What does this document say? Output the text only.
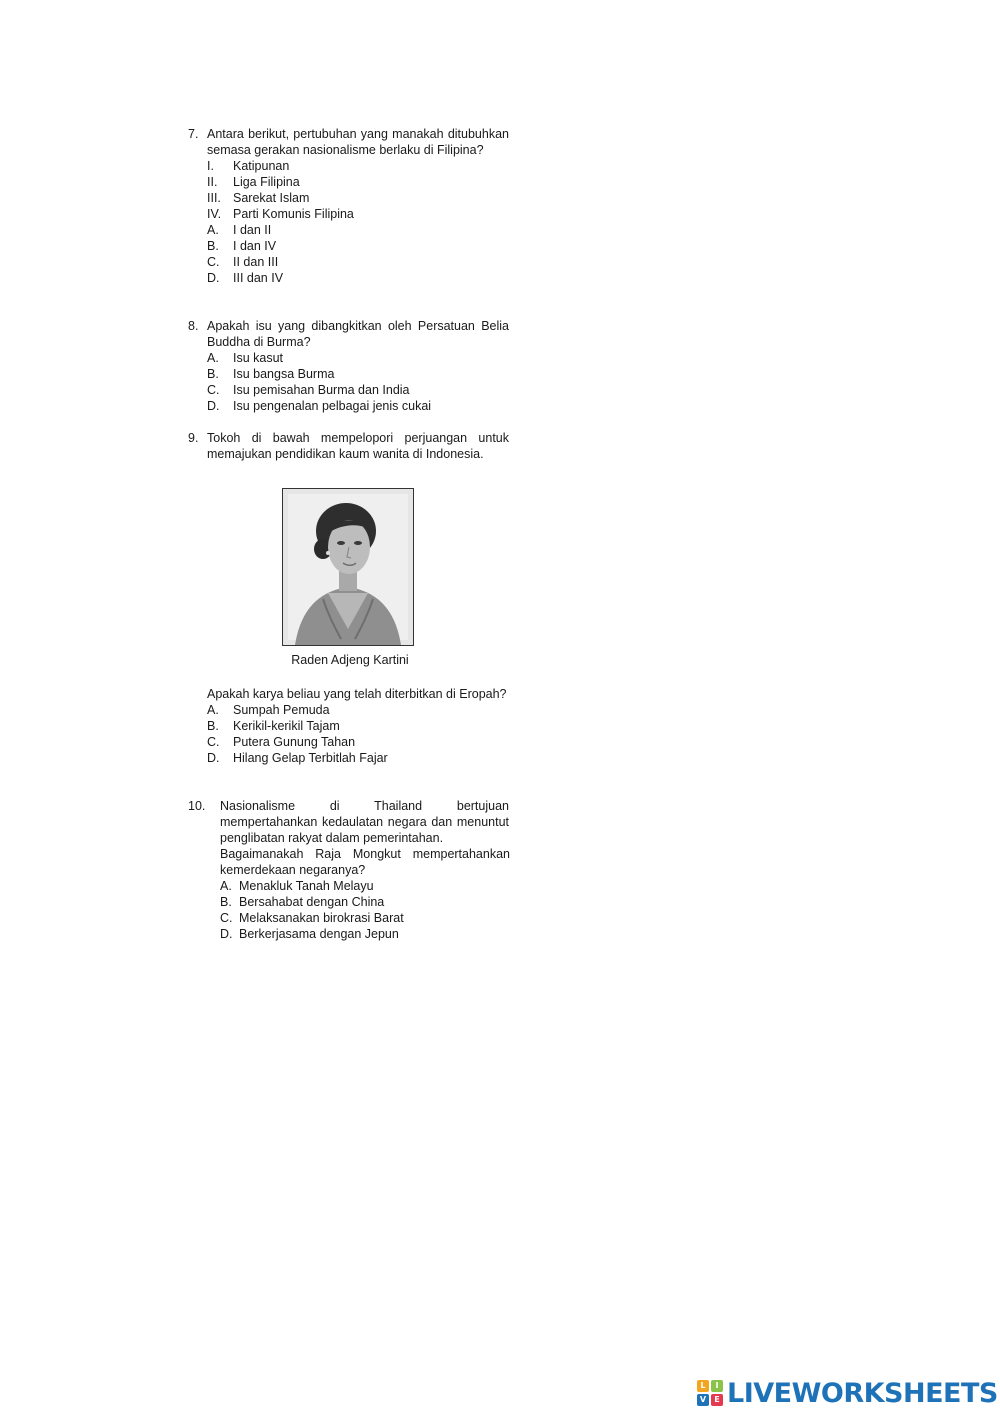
7. Antara berikut, pertubuhan yang manakah ditubuhkan semasa gerakan nasionalisme berlaku di Filipina?
I.	Katipunan
II.	Liga Filipina
III. Sarekat Islam
IV. Parti Komunis Filipina
A.	I dan II
B.	I dan IV
C.	II dan III
D.	III dan IV
8. Apakah isu yang dibangkitkan oleh Persatuan Belia Buddha di Burma?
A.	Isu kasut
B.	Isu bangsa Burma
C.	Isu pemisahan Burma dan India
D.	Isu pengenalan pelbagai jenis cukai
9. Tokoh di bawah mempelopori perjuangan untuk memajukan pendidikan kaum wanita di Indonesia.
Raden Adjeng Kartini
Apakah karya beliau yang telah diterbitkan di Eropah?
A.	Sumpah Pemuda
B.	Kerikil-kerikil Tajam
C.	Putera Gunung Tahan
D.	Hilang Gelap Terbitlah Fajar
10. Nasionalisme di Thailand bertujuan mempertahankan kedaulatan negara dan menuntut penglibatan rakyat dalam pemerintahan.
Bagaimanakah Raja Mongkut mempertahankan kemerdekaan negaranya?
A. Menakluk Tanah Melayu
B. Bersahabat dengan China
C. Melaksanakan birokrasi Barat
D. Berkerjasama dengan Jepun
L	I
V	E LIVEWORKSHEETS
